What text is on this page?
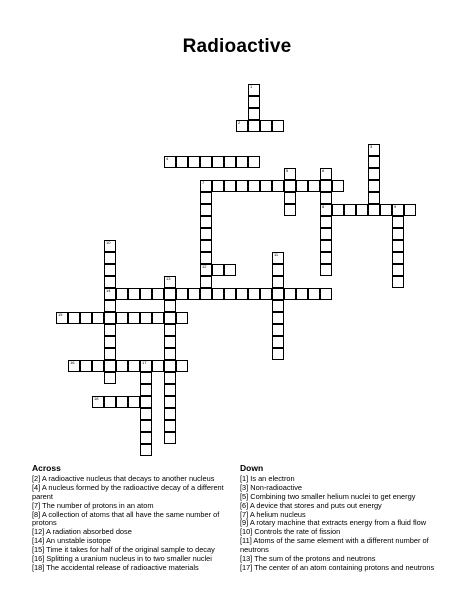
Radioactive
1
2
3
4
5	6
8
7
12
9
10
14
11
13
15
16	17
18
Across
[2] A radioactive nucleus that decays to another nucleus
[4] A nucleus formed by the radioactive decay of a different parent
[7] The number of protons in an atom
[8] A collection of atoms that all have the same number of protons
[12] A radiation absorbed dose
[14] An unstable isotope
[15] Time it takes for half of the original sample to decay
[16] Splitting a uranium nucleus in to two smaller nuclei
[18] The accidental release of radioactive materials
Down
[1] Is an electron
[3] Non-radioactive
[5] Combining two smaller helium nuclei to get energy
[6] A device that stores and puts out energy
[7] A helium nucleus
[9] A rotary machine that extracts energy from a fluid flow
[10] Controls the rate of fission
[11] Atoms of the same element with a different number of neutrons
[13] The sum of the protons and neutrons
[17] The center of an atom containing protons and neutrons
